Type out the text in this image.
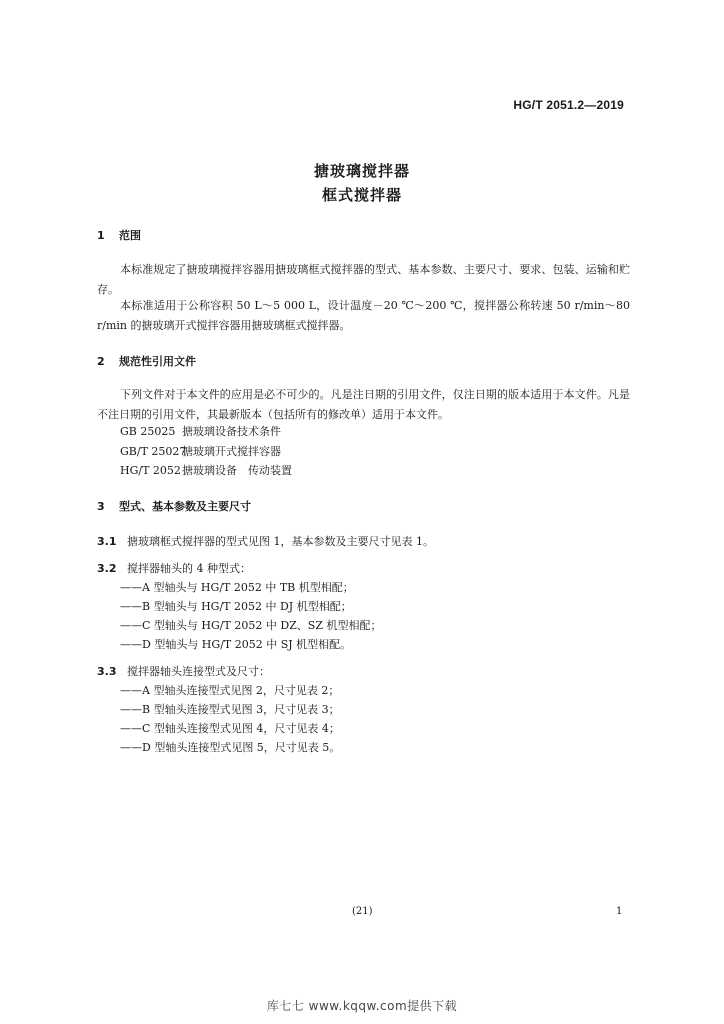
HG/T 2051.2—2019
搪玻璃搅拌器
框式搅拌器
1 范围
本标准规定了搪玻璃搅拌容器用搪玻璃框式搅拌器的型式、基本参数、主要尺寸、要求、包装、运输和贮存。
本标准适用于公称容积 50 L～5 000 L，设计温度－20 ℃～200 ℃，搅拌器公称转速 50 r/min～80 r/min 的搪玻璃开式搅拌容器用搪玻璃框式搅拌器。
2 规范性引用文件
下列文件对于本文件的应用是必不可少的。凡是注日期的引用文件，仅注日期的版本适用于本文件。凡是不注日期的引用文件，其最新版本（包括所有的修改单）适用于本文件。
GB 25025 搪玻璃设备技术条件
GB/T 25027搪玻璃开式搅拌容器
HG/T 2052搪玻璃设备　传动装置
3 型式、基本参数及主要尺寸
3.1 搪玻璃框式搅拌器的型式见图 1，基本参数及主要尺寸见表 1。
3.2 搅拌器轴头的 4 种型式：
——A 型轴头与 HG/T 2052 中 TB 机型相配；
——B 型轴头与 HG/T 2052 中 DJ 机型相配；
——C 型轴头与 HG/T 2052 中 DZ、SZ 机型相配；
——D 型轴头与 HG/T 2052 中 SJ 机型相配。
3.3 搅拌器轴头连接型式及尺寸：
——A 型轴头连接型式见图 2，尺寸见表 2；
——B 型轴头连接型式见图 3，尺寸见表 3；
——C 型轴头连接型式见图 4，尺寸见表 4；
——D 型轴头连接型式见图 5，尺寸见表 5。
(21)	1
库七七 www.kqqw.com提供下载
